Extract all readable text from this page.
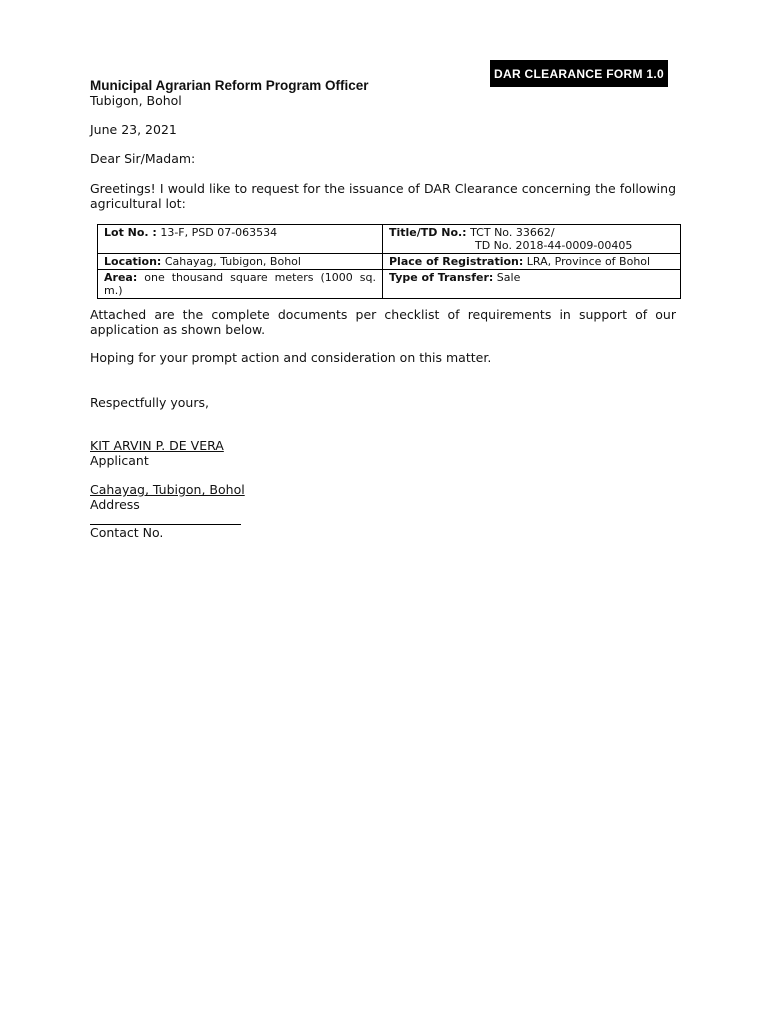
DAR CLEARANCE FORM 1.0
Municipal Agrarian Reform Program Officer
Tubigon, Bohol
June 23, 2021
Dear Sir/Madam:
Greetings! I would like to request for the issuance of DAR Clearance concerning the following agricultural lot:
Lot No. : 13-F, PSD 07-063534	Title/TD No.: TCT No. 33662/
TD No. 2018-44-0009-00405

Location: Cahayag, Tubigon, Bohol	Place of Registration: LRA, Province of Bohol
Area: one thousand square meters (1000 sq. m.)	Type of Transfer: Sale
Attached are the complete documents per checklist of requirements in support of our application as shown below.
Hoping for your prompt action and consideration on this matter.
Respectfully yours,
KIT ARVIN P. DE VERA
Applicant
Cahayag, Tubigon, Bohol
Address
Contact No.
